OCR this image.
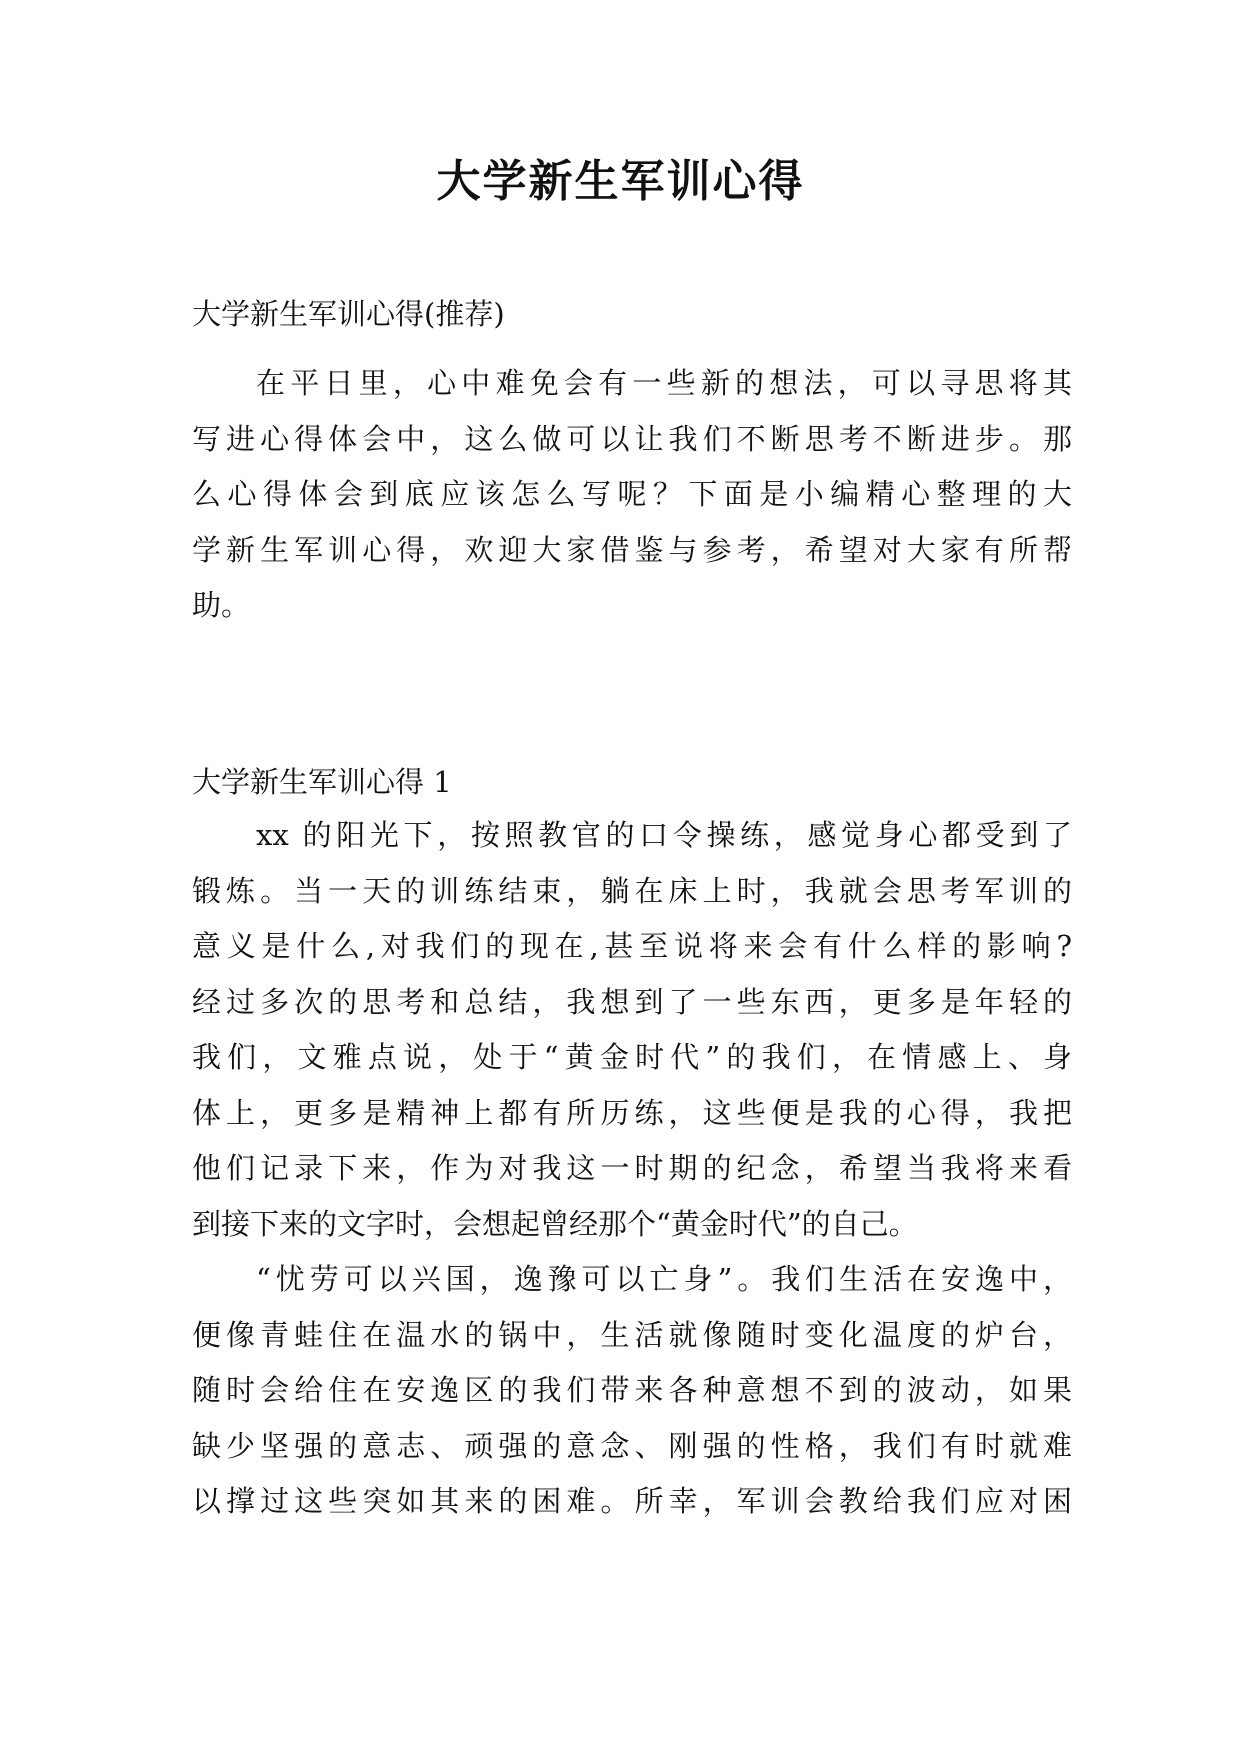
大学新生军训心得

大学新生军训心得(推荐)

在平日里，心中难免会有一些新的想法，可以寻思将其
写进心得体会中，这么做可以让我们不断思考不断进步。那
么心得体会到底应该怎么写呢？下面是小编精心整理的大
学新生军训心得，欢迎大家借鉴与参考，希望对大家有所帮
助。

大学新生军训心得 1

xx 的阳光下，按照教官的口令操练，感觉身心都受到了
锻炼。当一天的训练结束，躺在床上时，我就会思考军训的
意义是什么,对我们的现在,甚至说将来会有什么样的影响?
经过多次的思考和总结，我想到了一些东西，更多是年轻的
我们，文雅点说，处于“黄金时代”的我们，在情感上、身
体上，更多是精神上都有所历练，这些便是我的心得，我把
他们记录下来，作为对我这一时期的纪念，希望当我将来看
到接下来的文字时，会想起曾经那个“黄金时代”的自己。
“忧劳可以兴国，逸豫可以亡身”。我们生活在安逸中，
便像青蛙住在温水的锅中，生活就像随时变化温度的炉台，
随时会给住在安逸区的我们带来各种意想不到的波动，如果
缺少坚强的意志、顽强的意念、刚强的性格，我们有时就难
以撑过这些突如其来的困难。所幸，军训会教给我们应对困
